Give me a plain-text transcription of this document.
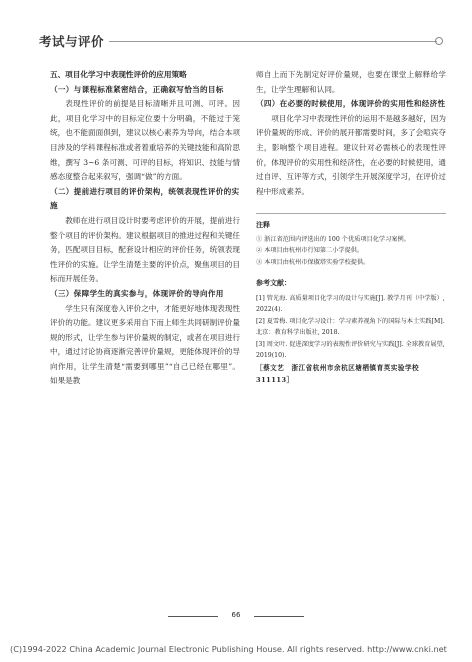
考试与评价

五、项目化学习中表现性评价的应用策略

（一）与课程标准紧密结合，正确叙写恰当的目标

表现性评价的前提是目标清晰并且可测、可评。因此，项目化学习中的目标定位要十分明确，不能过于笼统，也不能面面俱到，建议以核心素养为导向，结合本项目涉及的学科课程标准或者着重培养的关键技能和高阶思维，撰写 3~6 条可测、可评的目标，将知识、技能与情感态度整合起来叙写，强调“做”的方面。

（二）提前进行项目的评价架构，统领表现性评价的实施

教师在进行项目设计时要考虑评价的开展，提前进行整个项目的评价架构。建议根据项目的推进过程和关键任务，匹配项目目标，配套设计相应的评价任务，统领表现性评价的实施。让学生清楚主要的评价点，聚焦项目的目标而开展任务。

（三）保障学生的真实参与，体现评价的导向作用

学生只有深度卷入评价之中，才能更好地体现表现性评价的功能。建议更多采用自下而上师生共同研制评价量规的形式，让学生参与评价量规的制定，或者在项目进行中，通过讨论协商逐渐完善评价量规，更能体现评价的导向作用，让学生清楚“需要到哪里”“自己已经在哪里”。如果是教

师自上而下先制定好评价量规，也要在课堂上解释给学生，让学生理解和认同。

（四）在必要的时候使用，体现评价的实用性和经济性

项目化学习中表现性评价的运用不是越多越好，因为评价量规的形成、评价的展开都需要时间，多了会喧宾夺主，影响整个项目进程。建议针对必需核心的表现性评价，体现评价的实用性和经济性，在必要的时候使用，通过自评、互评等方式，引领学生开展深度学习，在评价过程中形成素养。

注释

① 浙江省范围内评选出的 100 个优质项目化学习案例。

② 本项目由杭州市行知第二小学提供。

③ 本项目由杭州市保俶塔实验学校提供。

参考文献：

[1] 管光海. 高质量项目化学习的设计与实施[J]. 教学月刊（中学版）, 2022(4).

[2] 夏雪梅. 项目化学习设计：学习素养视角下的国际与本土实践[M]. 北京：教育科学出版社, 2018.

[3] 周文叶. 促进深度学习的表现性评价研究与实践[J]. 全球教育展望, 2019(10).

［蔡文艺　浙江省杭州市余杭区塘栖镇育英实验学校 311113］

66
(C)1994-2022 China Academic Journal Electronic Publishing House. All rights reserved. http://www.cnki.net
